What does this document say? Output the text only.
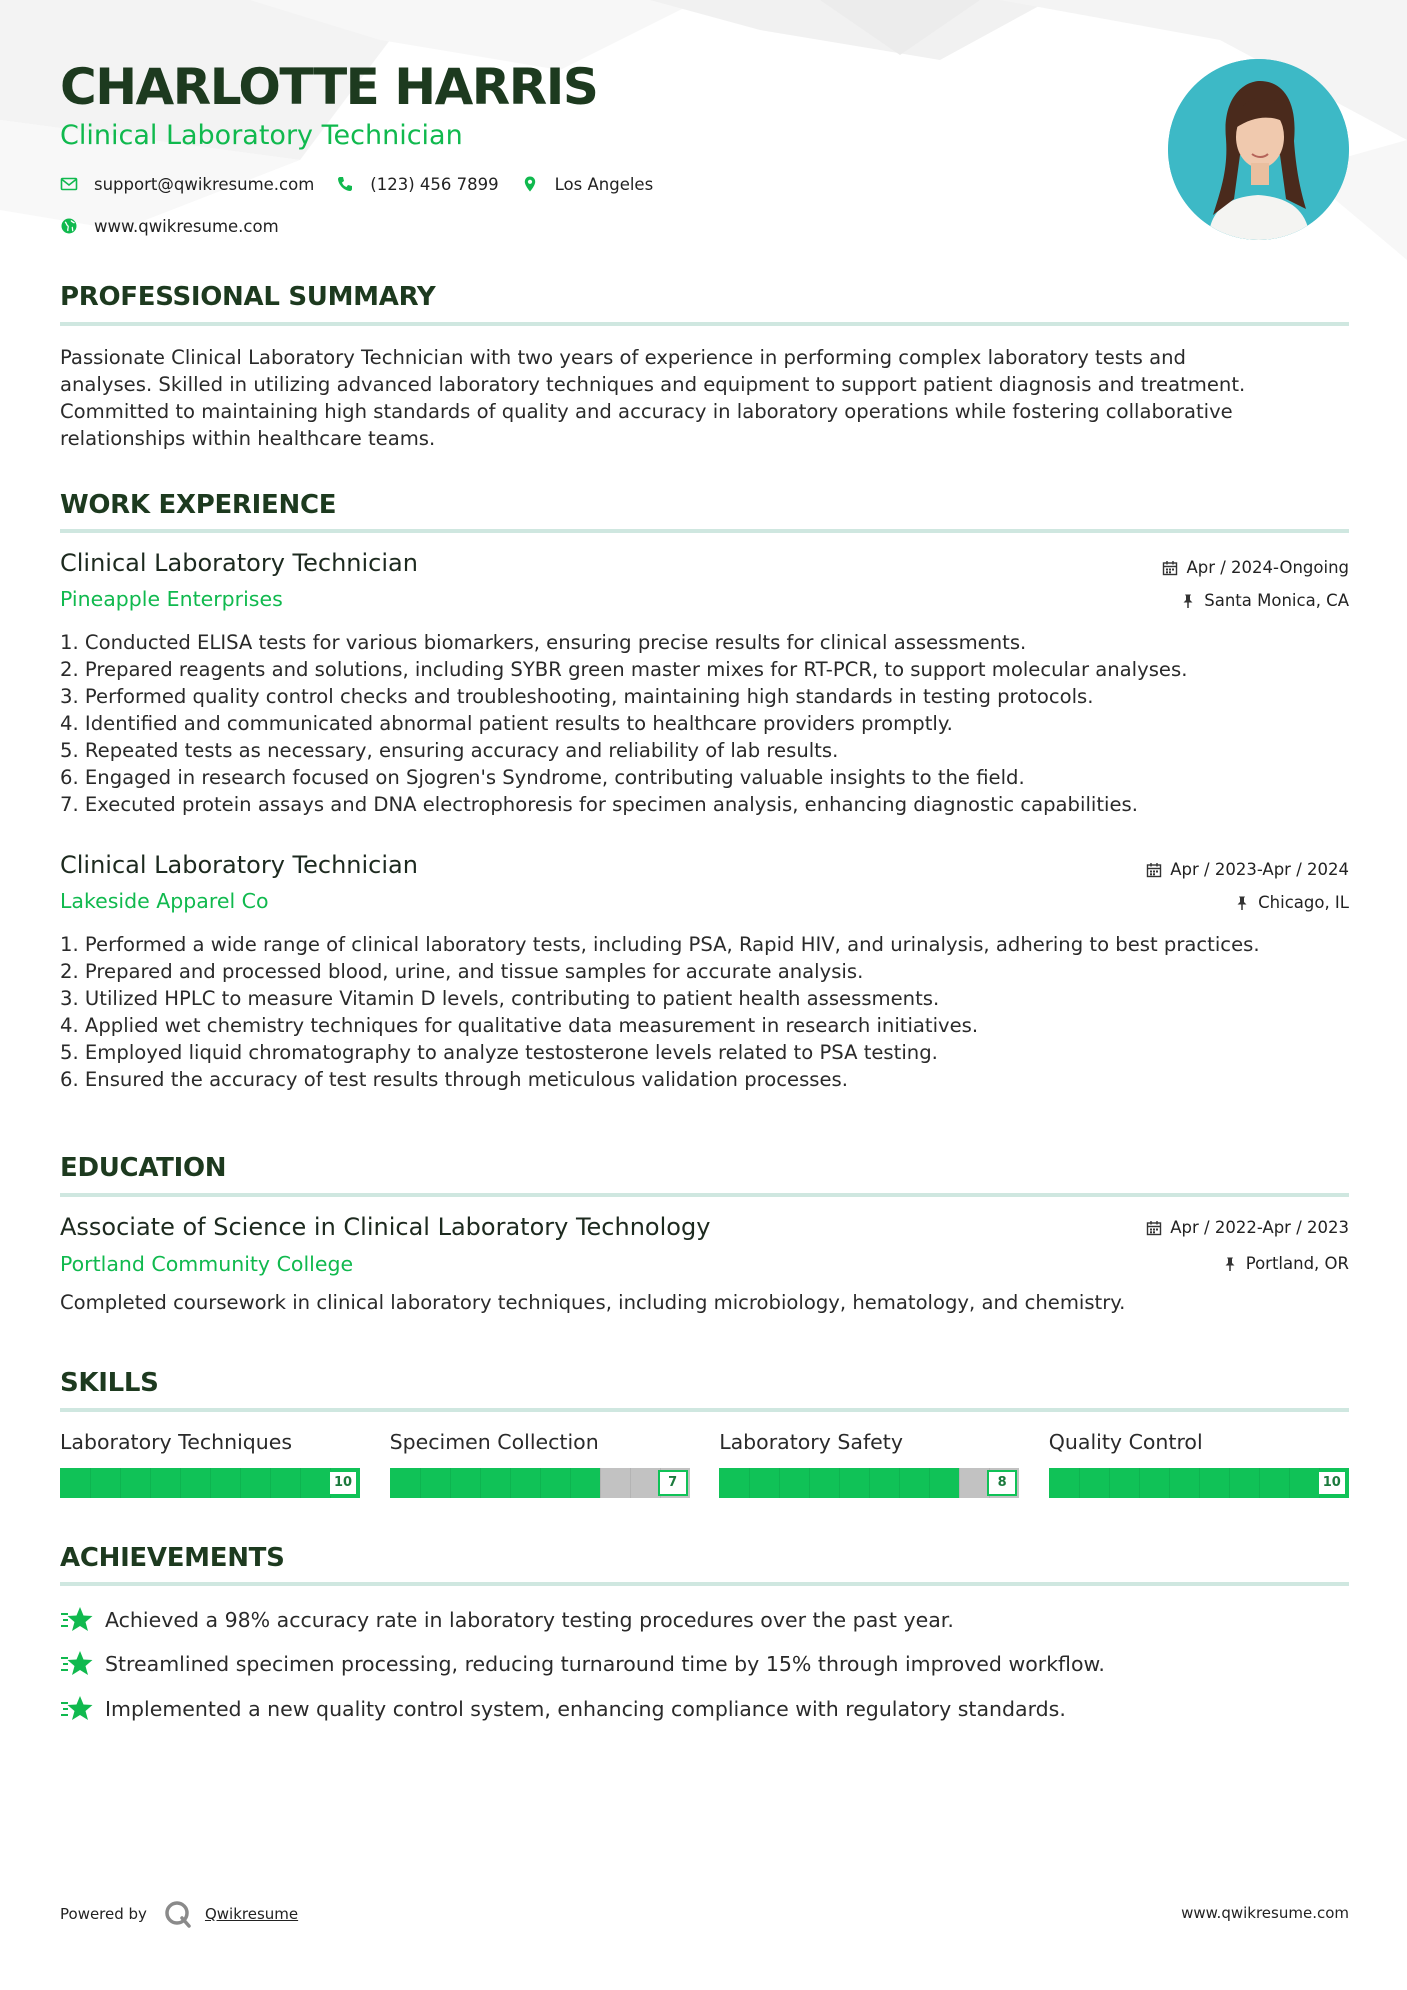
CHARLOTTE HARRIS
Clinical Laboratory Technician
support@qwikresume.com	(123) 456 7899	Los Angeles
www.qwikresume.com
PROFESSIONAL SUMMARY
Passionate Clinical Laboratory Technician with two years of experience in performing complex laboratory tests and
analyses. Skilled in utilizing advanced laboratory techniques and equipment to support patient diagnosis and treatment.
Committed to maintaining high standards of quality and accuracy in laboratory operations while fostering collaborative
relationships within healthcare teams.
WORK EXPERIENCE
Clinical Laboratory Technician
Pineapple Enterprises
Apr / 2024-Ongoing
Santa Monica, CA
1. Conducted ELISA tests for various biomarkers, ensuring precise results for clinical assessments.
2. Prepared reagents and solutions, including SYBR green master mixes for RT-PCR, to support molecular analyses.
3. Performed quality control checks and troubleshooting, maintaining high standards in testing protocols.
4. Identified and communicated abnormal patient results to healthcare providers promptly.
5. Repeated tests as necessary, ensuring accuracy and reliability of lab results.
6. Engaged in research focused on Sjogren's Syndrome, contributing valuable insights to the field.
7. Executed protein assays and DNA electrophoresis for specimen analysis, enhancing diagnostic capabilities.
Clinical Laboratory Technician
Lakeside Apparel Co
Apr / 2023-Apr / 2024
Chicago, IL
1. Performed a wide range of clinical laboratory tests, including PSA, Rapid HIV, and urinalysis, adhering to best practices.
2. Prepared and processed blood, urine, and tissue samples for accurate analysis.
3. Utilized HPLC to measure Vitamin D levels, contributing to patient health assessments.
4. Applied wet chemistry techniques for qualitative data measurement in research initiatives.
5. Employed liquid chromatography to analyze testosterone levels related to PSA testing.
6. Ensured the accuracy of test results through meticulous validation processes.
EDUCATION
Associate of Science in Clinical Laboratory Technology
Portland Community College
Apr / 2022-Apr / 2023
Portland, OR
Completed coursework in clinical laboratory techniques, including microbiology, hematology, and chemistry.
SKILLS
Laboratory Techniques
10
Specimen Collection
7
Laboratory Safety
8
Quality Control
10
ACHIEVEMENTS
Achieved a 98% accuracy rate in laboratory testing procedures over the past year.
Streamlined specimen processing, reducing turnaround time by 15% through improved workflow.
Implemented a new quality control system, enhancing compliance with regulatory standards.
Powered by	Qwikresume	www.qwikresume.com
